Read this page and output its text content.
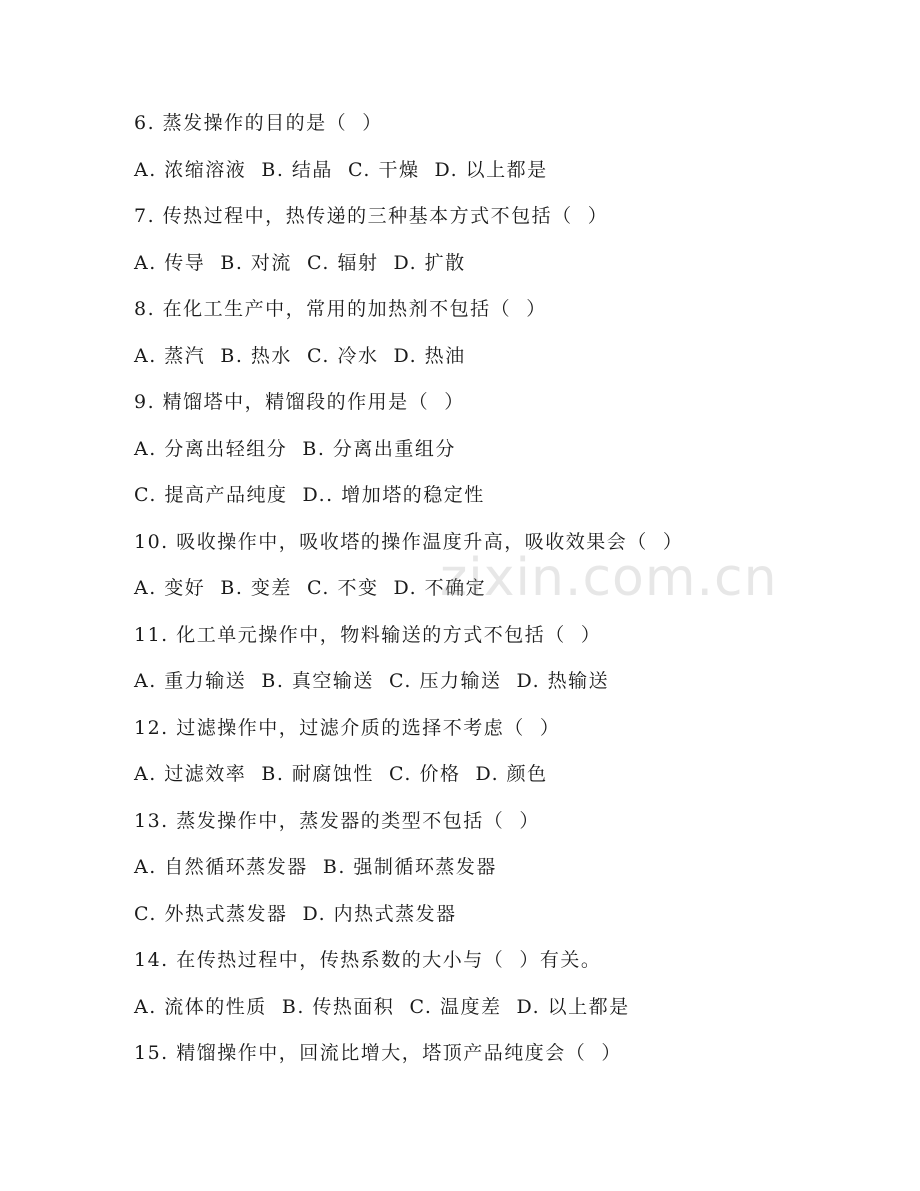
6. 蒸发操作的目的是（  ）
A. 浓缩溶液  B. 结晶  C. 干燥  D. 以上都是
7. 传热过程中，热传递的三种基本方式不包括（  ）
A. 传导  B. 对流  C. 辐射  D. 扩散
8. 在化工生产中，常用的加热剂不包括（  ）
A. 蒸汽  B. 热水  C. 冷水  D. 热油
9. 精馏塔中，精馏段的作用是（  ）
A. 分离出轻组分  B. 分离出重组分
C. 提高产品纯度  D.. 增加塔的稳定性
10. 吸收操作中，吸收塔的操作温度升高，吸收效果会（  ）
A. 变好  B. 变差  C. 不变  D. 不确定
11. 化工单元操作中，物料输送的方式不包括（  ）
A. 重力输送  B. 真空输送  C. 压力输送  D. 热输送
12. 过滤操作中，过滤介质的选择不考虑（  ）
A. 过滤效率  B. 耐腐蚀性  C. 价格  D. 颜色
13. 蒸发操作中，蒸发器的类型不包括（  ）
A. 自然循环蒸发器  B. 强制循环蒸发器
C. 外热式蒸发器  D. 内热式蒸发器
14. 在传热过程中，传热系数的大小与（  ）有关。
A. 流体的性质  B. 传热面积  C. 温度差  D. 以上都是
15. 精馏操作中，回流比增大，塔顶产品纯度会（  ）
zixin.com.cn
